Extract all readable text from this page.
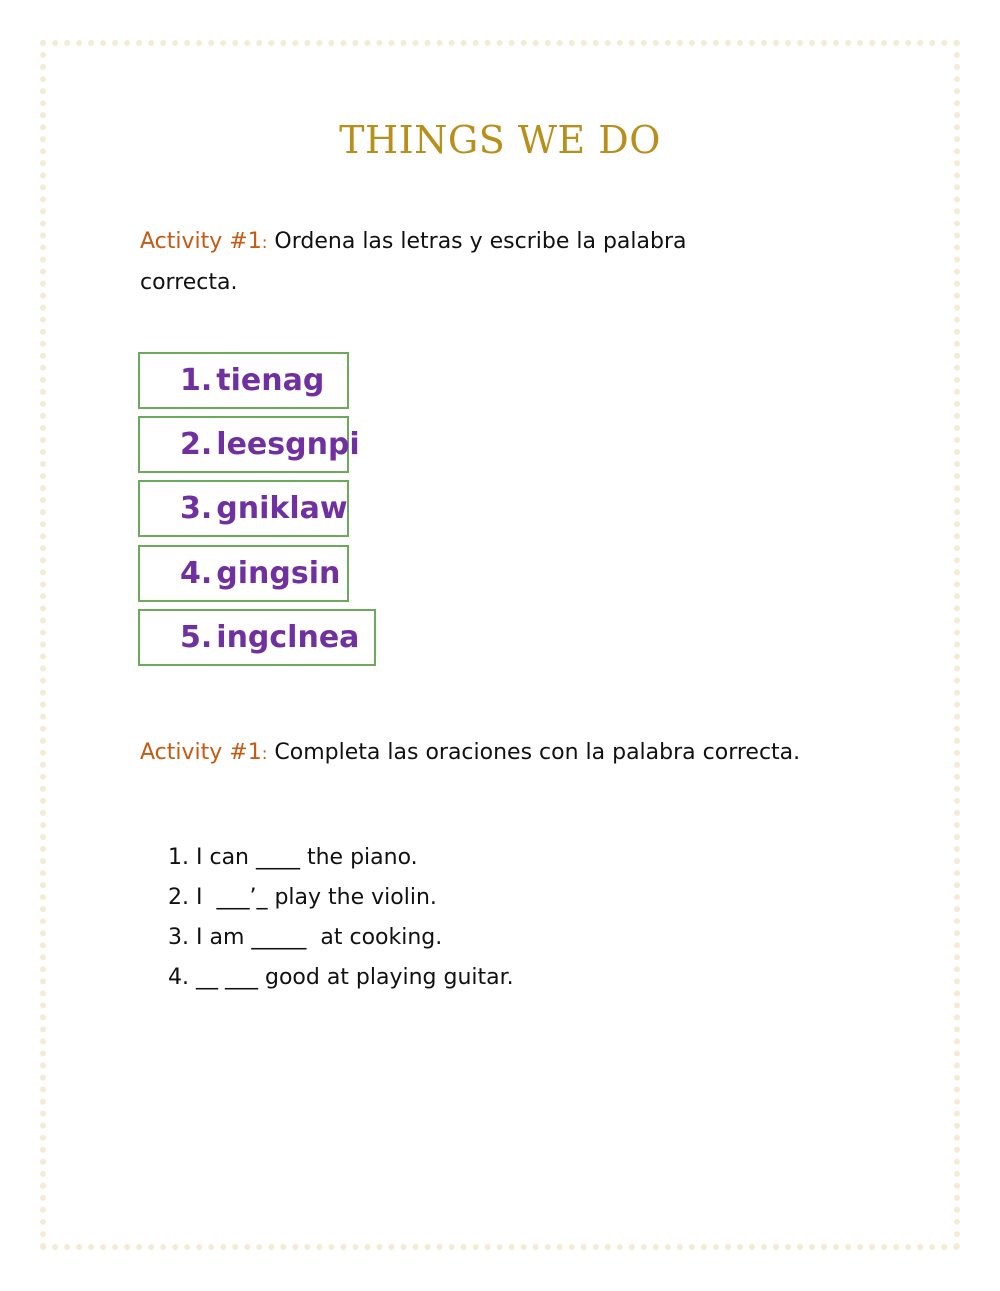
THINGS WE DO
Activity #1: Ordena las letras y escribe la palabra
correcta.
1. tienag
2. leesgnpi
3. gniklaw
4. gingsin
5. ingclnea
Activity #1: Completa las oraciones con la palabra correcta.
1. I can ____ the piano.
2. I  ___’_ play the violin.
3. I am _____  at cooking.
4. __ ___ good at playing guitar.
